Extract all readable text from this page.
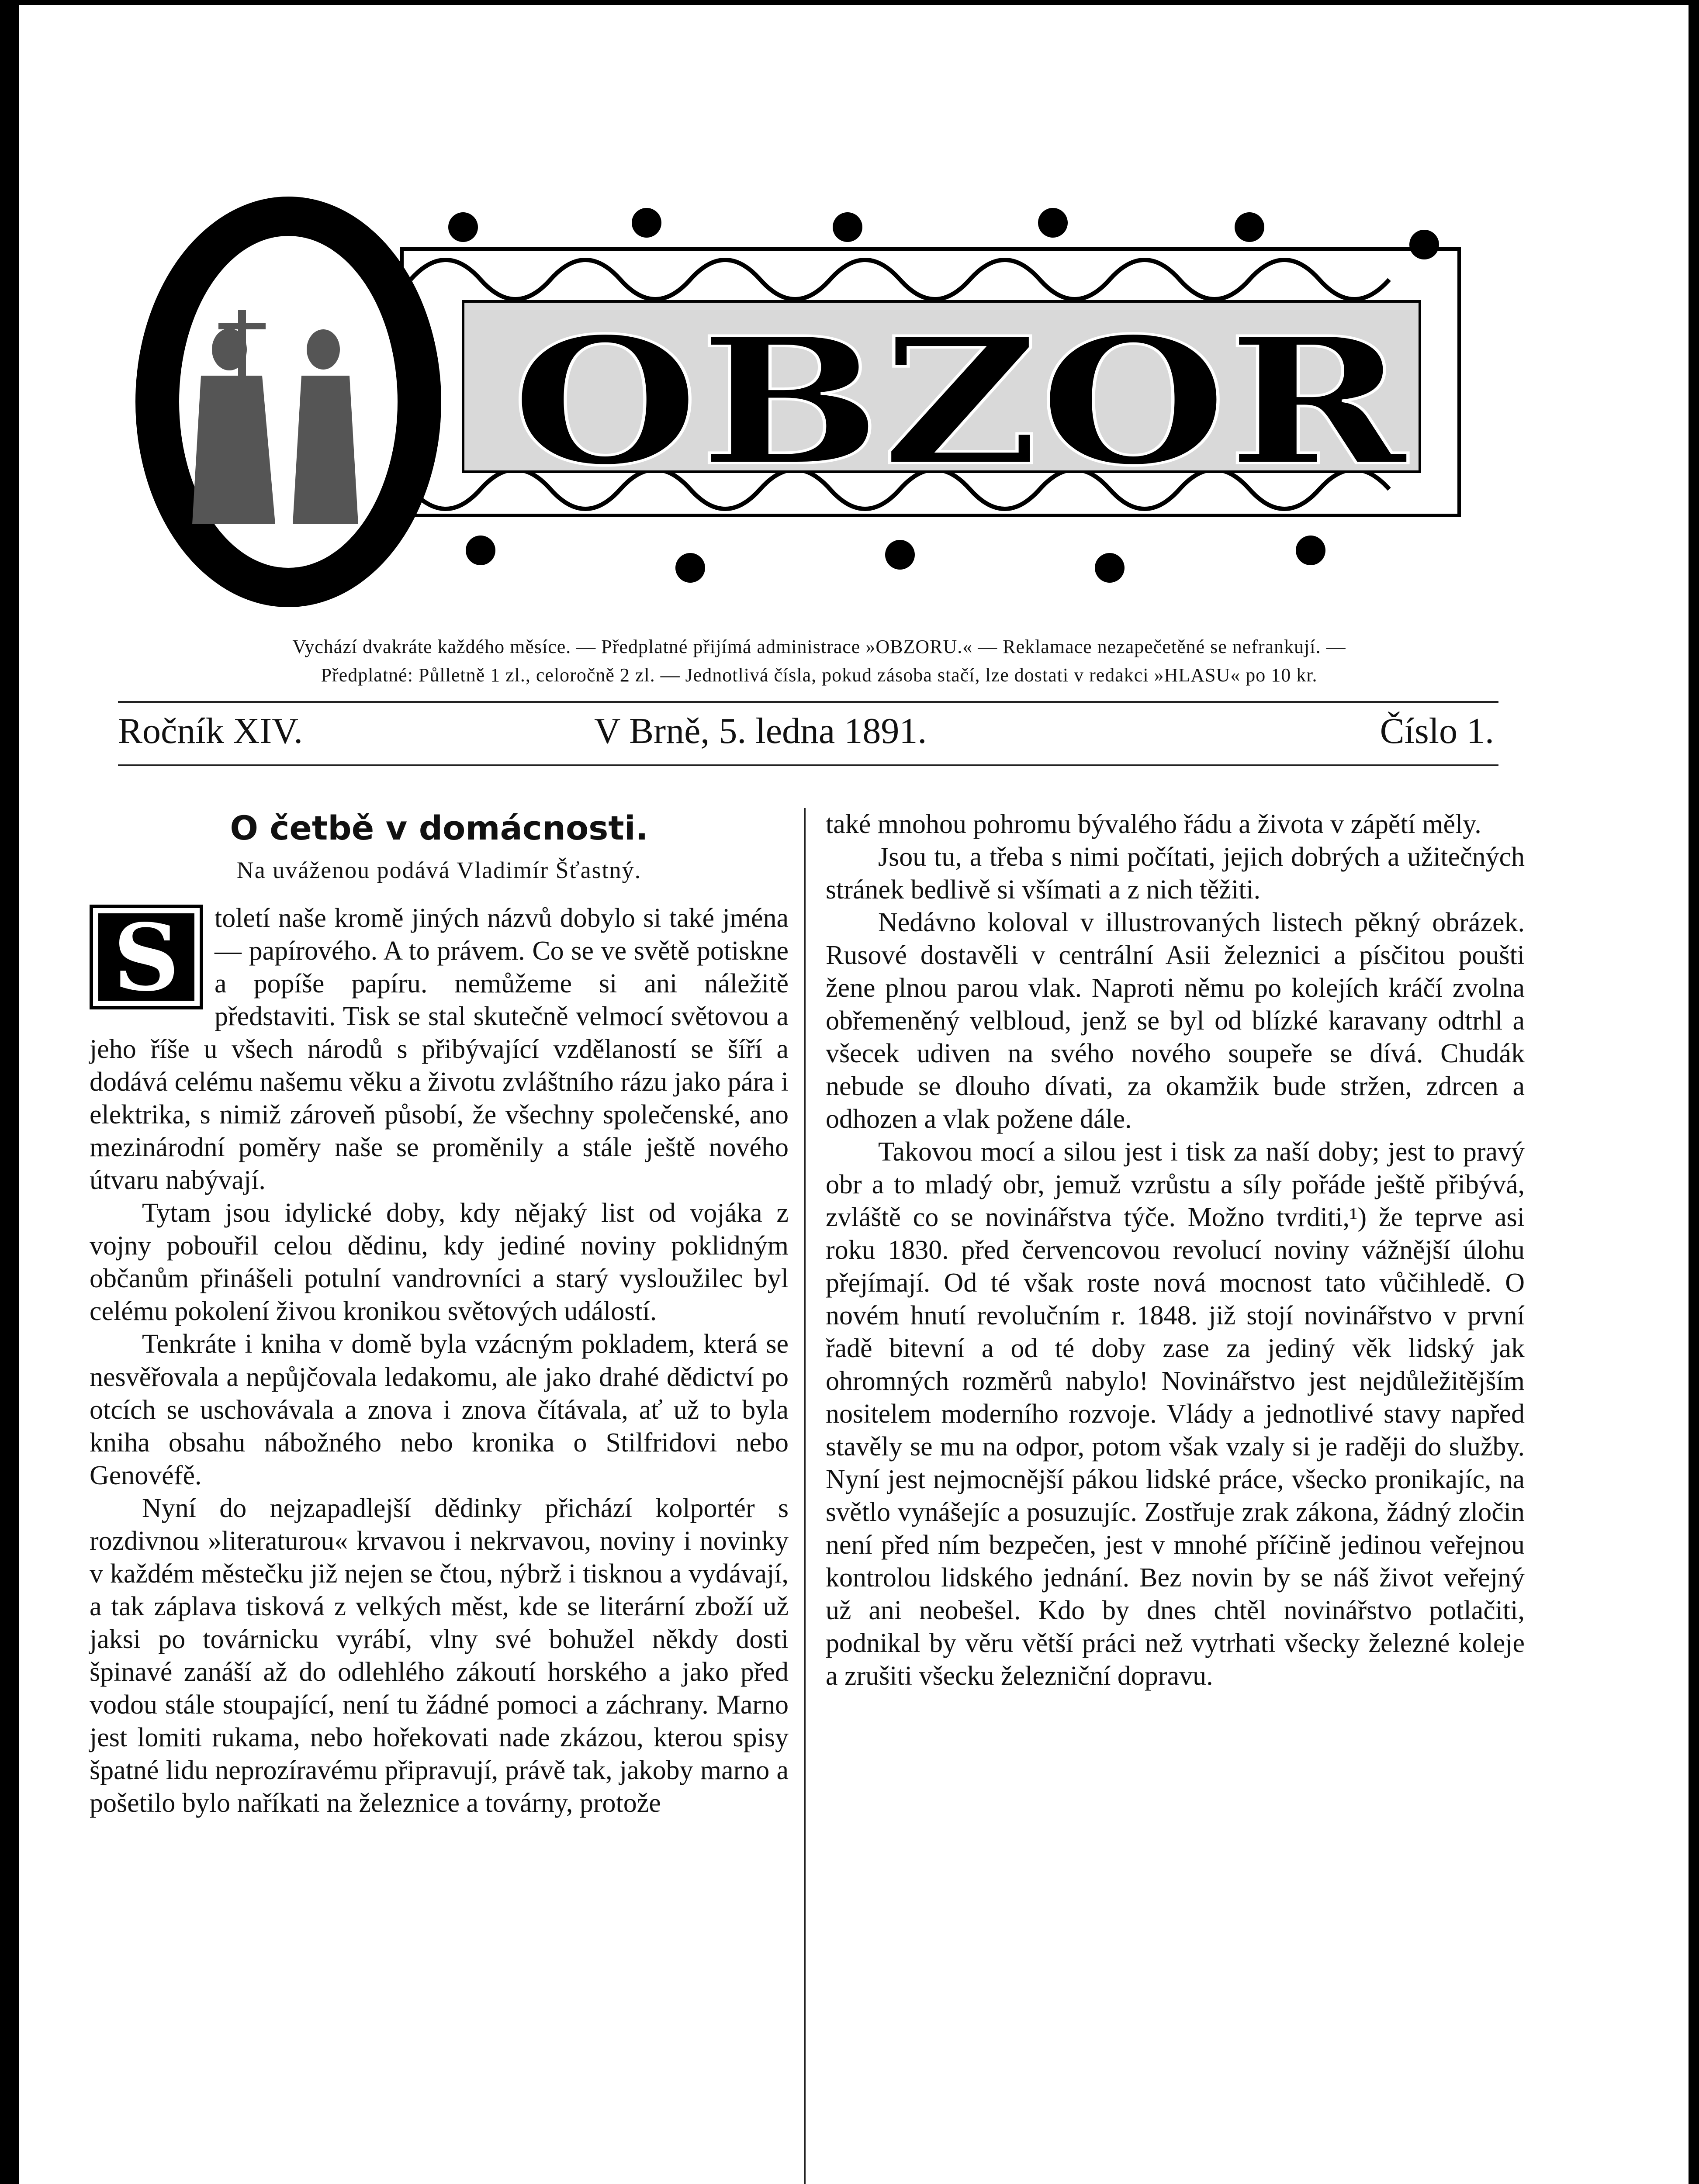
OBZOR
Vychází dvakráte každého měsíce. — Předplatné přijímá administrace »OBZORU.« — Reklamace nezapečetěné se nefrankují. —
Předplatné: Půlletně 1 zl., celoročně 2 zl. — Jednotlivá čísla, pokud zásoba stačí, lze dostati v redakci »HLASU« po 10 kr.
Ročník XIV.	V Brně, 5. ledna 1891.	Číslo 1.
O četbě v domácnosti.
Na uváženou podává Vladimír Šťastný.
S	toletí naše kromě jiných názvů dobylo si také jména — papírového. A to právem. Co se ve světě potiskne a popíše papíru. nemůžeme si ani náležitě představiti. Tisk se stal skutečně velmocí světovou a jeho říše u všech národů s přibývající vzdělaností se šíří a dodává celému našemu věku a životu zvláštního rázu jako pára i elektrika, s nimiž zároveň působí, že všechny společenské, ano mezinárodní poměry naše se proměnily a stále ještě nového útvaru nabývají.

Tytam jsou idylické doby, kdy nějaký list od vojáka z vojny pobouřil celou dědinu, kdy jediné noviny poklidným občanům přinášeli potulní vandrovníci a starý vysloužilec byl celému pokolení živou kronikou světových událostí.

Tenkráte i kniha v domě byla vzácným pokladem, která se nesvěřovala a nepůjčovala ledakomu, ale jako drahé dědictví po otcích se uschovávala a znova i znova čítávala, ať už to byla kniha obsahu nábožného nebo kronika o Stilfridovi nebo Genovéfě.

Nyní do nejzapadlejší dědinky přichází kolportér s rozdivnou »literaturou« krvavou i nekrvavou, noviny i novinky v každém městečku již nejen se čtou, nýbrž i tisknou a vydávají, a tak záplava tisková z velkých měst, kde se literární zboží už jaksi po továrnicku vyrábí, vlny své bohužel někdy dosti špinavé zanáší až do odlehlého zákoutí horského a jako před vodou stále stoupající, není tu žádné pomoci a záchrany. Marno jest lomiti rukama, nebo hořekovati nade zkázou, kterou spisy špatné lidu neprozíravému připravují, právě tak, jakoby marno a pošetilo bylo naříkati na železnice a továrny, protože

také mnohou pohromu bývalého řádu a života v zápětí měly.

Jsou tu, a třeba s nimi počítati, jejich dobrých a užitečných stránek bedlivě si všímati a z nich těžiti.

Nedávno koloval v illustrovaných listech pěkný obrázek. Rusové dostavěli v centrální Asii železnici a písčitou poušti žene plnou parou vlak. Naproti němu po kolejích kráčí zvolna obřemeněný velbloud, jenž se byl od blízké karavany odtrhl a všecek udiven na svého nového soupeře se dívá. Chudák nebude se dlouho dívati, za okamžik bude stržen, zdrcen a odhozen a vlak požene dále.

Takovou mocí a silou jest i tisk za naší doby; jest to pravý obr a to mladý obr, jemuž vzrůstu a síly pořáde ještě přibývá, zvláště co se novinářstva týče. Možno tvrditi,¹) že teprve asi roku 1830. před červencovou revolucí noviny vážnější úlohu přejímají. Od té však roste nová mocnost tato vůčihledě. O novém hnutí revolučním r. 1848. již stojí novinářstvo v první řadě bitevní a od té doby zase za jediný věk lidský jak ohromných rozměrů nabylo! Novinářstvo jest nejdůležitějším nositelem moderního rozvoje. Vlády a jednotlivé stavy napřed stavěly se mu na odpor, potom však vzaly si je raději do služby. Nyní jest nejmocnější pákou lidské práce, všecko pronikajíc, na světlo vynášejíc a posuzujíc. Zostřuje zrak zákona, žádný zločin není před ním bezpečen, jest v mnohé příčině jedinou veřejnou kontrolou lidského jednání. Bez novin by se náš život veřejný už ani neobešel. Kdo by dnes chtěl novinářstvo potlačiti, podnikal by věru větší práci než vytrhati všecky železné koleje a zrušiti všecku železniční dopravu.
